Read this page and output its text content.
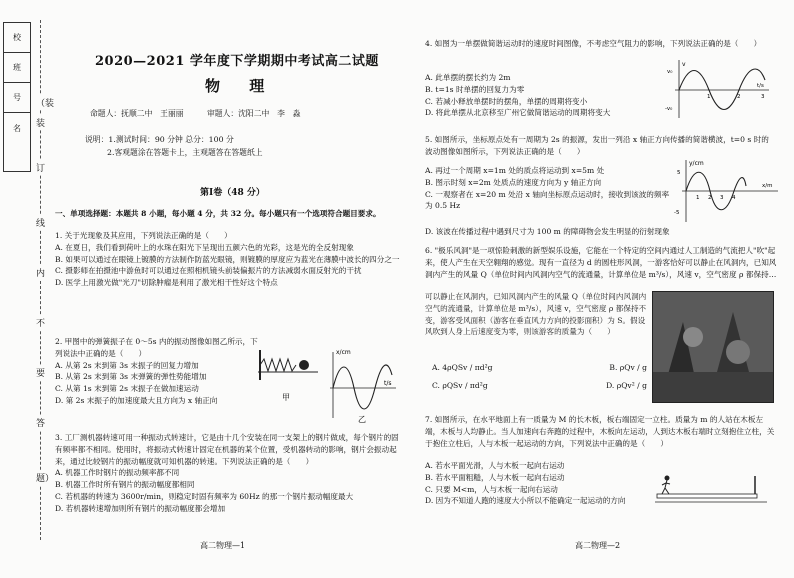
校
班
号
名
（装
装
订
线
内
不
要
答
题）
2020—2021 学年度下学期期中考试高二试题
物 理
命题人：抚顺二中　王丽丽　　　审题人：沈阳二中　李　淼
说明：1.测试时间：90 分钟 总分：100 分
2.客观题涂在答题卡上，主观题答在答题纸上
第Ⅰ卷（48 分）

一、单项选择题：本题共 8 小题，每小题 4 分，共 32 分。每小题只有一个选项符合题目要求。

1. 关于光现象及其应用，下列说法正确的是（　　）

A. 在夏日，我们看到荷叶上的水珠在阳光下呈现出五颜六色的光彩，这是光的全反射现象
B. 如果可以通过在眼镜上镀膜的方法制作防蓝光眼镜，则镀膜的厚度应为蓝光在薄膜中波长的四分之一
C. 摄影师在拍摄池中游鱼时可以通过在照相机镜头前装偏振片的方法减弱水面反射光的干扰
D. 医学上用激光做"光刀"切除肿瘤是利用了激光相干性好这个特点

2. 甲图中的弹簧振子在 0～5s 内的振动图像如图乙所示，下列说法中正确的是（　　）

A. 从第 2s 末到第 3s 末振子的回复力增加
B. 从第 2s 末到第 3s 末弹簧的弹性势能增加
C. 从第 1s 末到第 2s 末振子在做加速运动
D. 第 2s 末振子的加速度最大且方向为 x 轴正向	甲
x/cm
t/s
乙

3. 工厂测机器转速可用一种振动式转速计，它是由十几个安装在同一支架上的钢片做成，每个钢片的固有频率都不相同。使用时，将振动式转速计固定在机器的某个位置，受机器转动的影响，钢片会振动起来，通过比较钢片的振动幅度就可知机器的转速。下列说法正确的是（　　）

A. 机器工作时钢片的振动频率都不同
B. 机器工作时所有钢片的振动幅度都相同
C. 若机器的转速为 3600r/min，则稳定时固有频率为 60Hz 的那一个钢片振动幅度最大
D. 若机器转速增加则所有钢片的振动幅度都会增加
高二物理—1

4. 如图为一单摆做简谐运动时的速度时间图像，不考虑空气阻力的影响，下列说法正确的是（　　）

A. 此单摆的摆长约为 2m
B. t=1s 时单摆的回复力为零
C. 若减小释放单摆时的摆角，单摆的周期将变小
D. 将此单摆从北京移至广州它做简谐运动的周期将变大
v
v₀
-v₀
1	2	3
t/s

5. 如图所示，坐标原点处有一周期为 2s 的振源，发出一列沿 x 轴正方向传播的简谐横波，t=0 s 时的波动图像如图所示，下列说法正确的是（　　）

A. 再过一个周期 x=1m 处的质点将运动到 x=5m 处
B. 图示时刻 x=2m 处质点的速度方向为 y 轴正方向
C. 一观察者在 x=20 m 处沿 x 轴向坐标原点运动时，接收到该波的频率为 0.5 Hz
D. 该波在传播过程中遇到尺寸为 100 m 的障碍物会发生明显的衍射现象
y/cm
5
-5
1 2 3 4
x/m

6. "极乐风洞"是一项惊险刺激的新型娱乐设施，它能在一个特定的空间内通过人工制造的气流把人"吹"起来，使人产生在天空翱翔的感觉。现有一直径为 d 的圆柱形风洞，一游客恰好可以静止在风洞内，已知风洞内产生的风量 Q（单位时间内风洞内空气的流通量，计算单位是 m³/s），风速 v，空气密度 ρ 都保持不 　　

可以静止在风洞内，已知风洞内产生的风量 Q（单位时间内风洞内空气的流通量，计算单位是 m³/s），风速 v，空气密度 ρ 都保持不变，游客受风面积（游客在垂直风力方向的投影面积）为 S。假设风吹到人身上后速度变为零，则该游客的质量为（　　）

A. 4ρQSv / πd²g	B. ρQv / g
C. ρQSv / πd²g	D. ρQv² / g

7. 如图所示，在水平地面上有一质量为 M 的长木板，板右端固定一立柱。质量为 m 的人站在木板左端，木板与人均静止。当人加速向右奔跑的过程中，木板向左运动，人到达木板右端时立刻抱住立柱，关于抱住立柱后，人与木板一起运动的方向，下列说法中正确的是（　　）

A. 若水平面光滑，人与木板一起向右运动
B. 若水平面粗糙，人与木板一起向右运动
C. 只要 M<m，人与木板一起向右运动
D. 因为不知道人跑的速度大小所以不能确定一起运动的方向
高二物理—2
